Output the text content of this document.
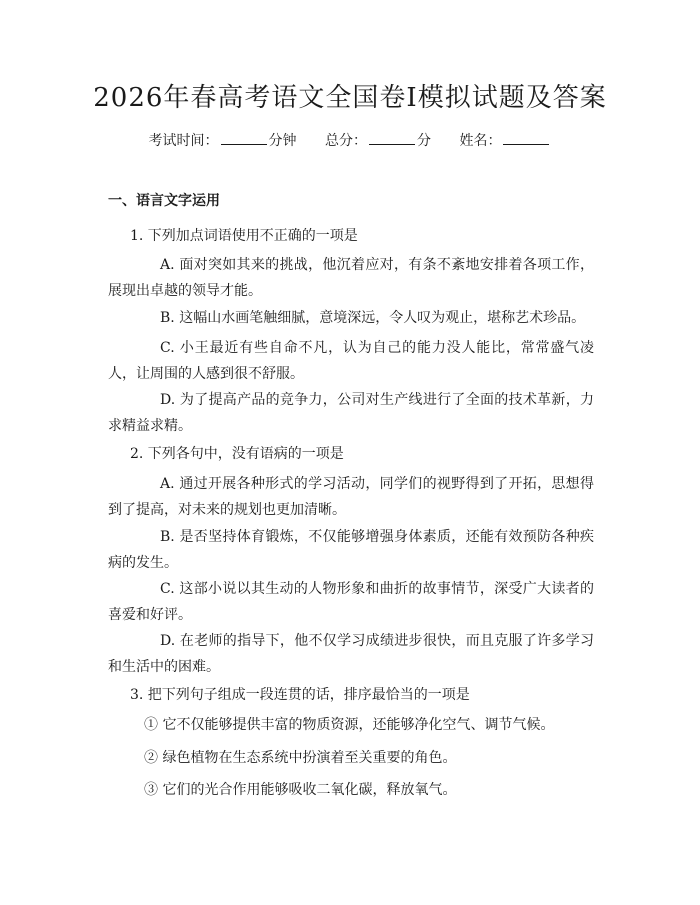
2026年春高考语文全国卷Ⅰ模拟试题及答案
考试时间：	分钟 总分：	分 姓名：
一、语言文字运用
1. 下列加点词语使用不正确的一项是
A. 面对突如其来的挑战，他沉着应对，有条不紊地安排着各项工作，展现出卓越的领导才能。
B. 这幅山水画笔触细腻，意境深远，令人叹为观止，堪称艺术珍品。
C. 小王最近有些自命不凡，认为自己的能力没人能比，常常盛气凌人，让周围的人感到很不舒服。
D. 为了提高产品的竞争力，公司对生产线进行了全面的技术革新，力求精益求精。
2. 下列各句中，没有语病的一项是
A. 通过开展各种形式的学习活动，同学们的视野得到了开拓，思想得到了提高，对未来的规划也更加清晰。
B. 是否坚持体育锻炼，不仅能够增强身体素质，还能有效预防各种疾病的发生。
C. 这部小说以其生动的人物形象和曲折的故事情节，深受广大读者的喜爱和好评。
D. 在老师的指导下，他不仅学习成绩进步很快，而且克服了许多学习和生活中的困难。
3. 把下列句子组成一段连贯的话，排序最恰当的一项是
① 它不仅能够提供丰富的物质资源，还能够净化空气、调节气候。
② 绿色植物在生态系统中扮演着至关重要的角色。
③ 它们的光合作用能够吸收二氧化碳，释放氧气。
